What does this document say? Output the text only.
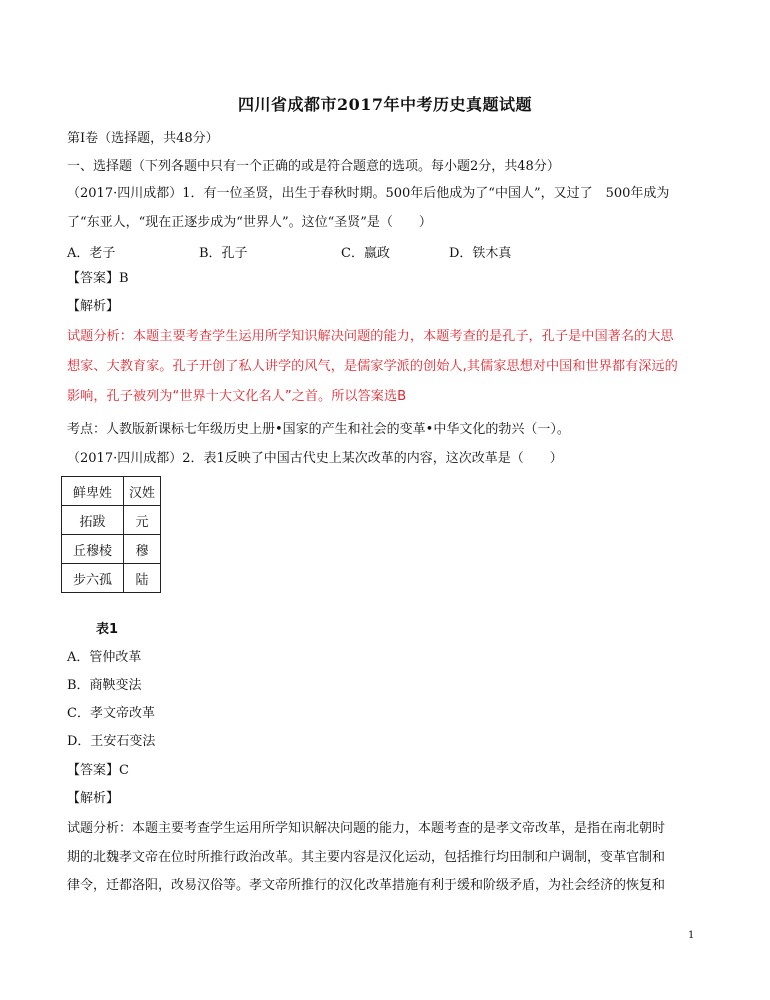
四川省成都市2017年中考历史真题试题
第Ⅰ卷（选择题，共48分）
一、选择题（下列各题中只有一个正确的或是符合题意的选项。每小题2分，共48分）
（2017·四川成都）1．有一位圣贤，出生于春秋时期。500年后他成为了“中国人”，又过了　500年成为
了“东亚人，“现在正逐步成为“世界人”。这位“圣贤”是（　　）
A．老子	B．孔子	C．嬴政	D．铁木真
【答案】B
【解析】
试题分析：本题主要考查学生运用所学知识解决问题的能力，本题考查的是孔子，孔子是中国著名的大思
想家、大教育家。孔子开创了私人讲学的风气，是儒家学派的创始人,其儒家思想对中国和世界都有深远的
影响，孔子被列为“世界十大文化名人”之首。所以答案选B
考点：人教版新课标七年级历史上册•国家的产生和社会的变革•中华文化的勃兴（一）。
（2017·四川成都）2．表1反映了中国古代史上某次改革的内容，这次改革是（　　）
鲜卑姓	汉姓
拓跋	元
丘穆棱	穆
步六孤	陆
表1
A．管仲改革
B．商鞅变法
C．孝文帝改革
D．王安石变法
【答案】C
【解析】
试题分析：本题主要考查学生运用所学知识解决问题的能力，本题考查的是孝文帝改革，是指在南北朝时
期的北魏孝文帝在位时所推行政治改革。其主要内容是汉化运动，包括推行均田制和户调制，变革官制和
律令，迁都洛阳，改易汉俗等。孝文帝所推行的汉化改革措施有利于缓和阶级矛盾，为社会经济的恢复和
1
